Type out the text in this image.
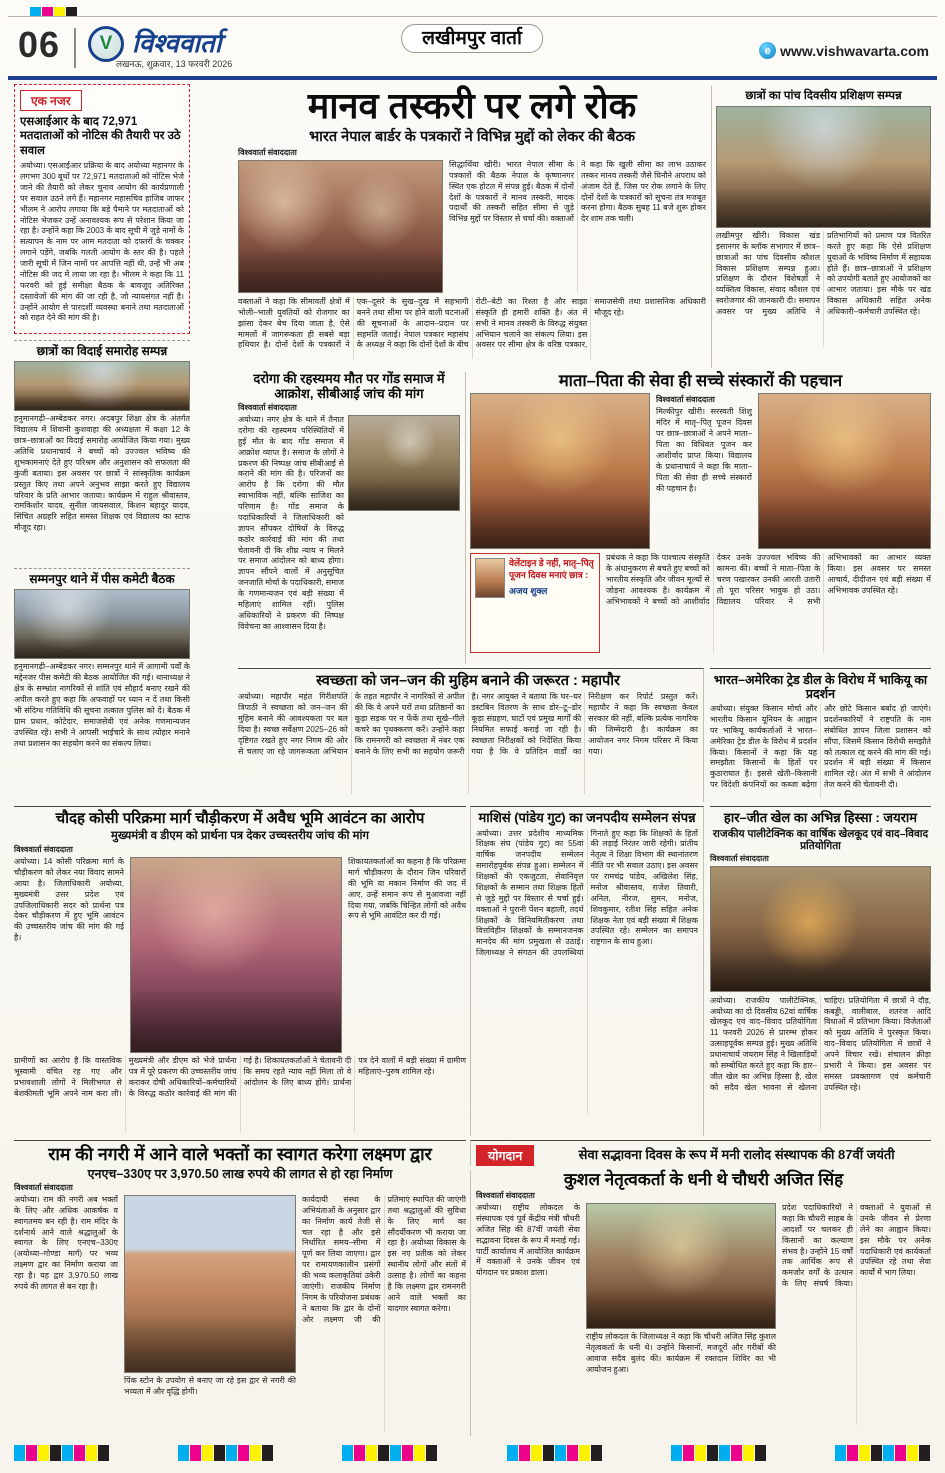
06	V विश्ववार्ता
लखनऊ, शुक्रवार, 13 फरवरी 2026
लखीमपुर वार्ता
e www.vishwavarta.com
एक नजर
एसआईआर के बाद 72,971 मतदाताओं को नोटिस की तैयारी पर उठे सवाल
अयोध्या। एसआईआर प्रक्रिया के बाद अयोध्या महानगर के लगभग 300 बूथों पर 72,971 मतदाताओं को नोटिस भेजे जाने की तैयारी को लेकर चुनाव आयोग की कार्यप्रणाली पर सवाल उठने लगे हैं। महानगर महासचिव हाजिब जाफर भीलम ने आरोप लगाया कि बड़े पैमाने पर मतदाताओं को नोटिस भेजकर उन्हें अनावश्यक रूप से परेशान किया जा रहा है। उन्होंने कहा कि 2003 के बाद सूची में जुड़े नामों के सत्यापन के नाम पर आम मतदाता को दफ्तरों के चक्कर लगाने पड़ेंगे, जबकि गलती आयोग के स्तर की है। पहले जारी सूची में जिन नामों पर आपत्ति नहीं थी, उन्हें भी अब नोटिस की जद में लाया जा रहा है। भीलम ने कहा कि 11 फरवरी को हुई समीक्षा बैठक के बावजूद अतिरिक्त दस्तावेजों की मांग की जा रही है, जो न्यायसंगत नहीं है। उन्होंने आयोग से पारदर्शी व्यवस्था बनाने तथा मतदाताओं को राहत देने की मांग की है।
छात्रों का विदाई समारोह सम्पन्न
हनुमानगढ़ी–अम्बेडकर नगर। अदबपुर शिक्षा क्षेत्र के अंतर्गत विद्यालय में शिवानी कुशवाहा की अध्यक्षता में कक्षा 12 के छात्र–छात्राओं का विदाई समारोह आयोजित किया गया। मुख्य अतिथि प्रधानाचार्य ने बच्चों को उज्ज्वल भविष्य की शुभकामनाएं देते हुए परिश्रम और अनुशासन को सफलता की कुंजी बताया। इस अवसर पर छात्रों ने सांस्कृतिक कार्यक्रम प्रस्तुत किए तथा अपने अनुभव साझा करते हुए विद्यालय परिवार के प्रति आभार जताया। कार्यक्रम में राहुल श्रीवास्तव, रामकिशोर यादव, सुनील जायसवाल, किशन बहादुर यादव, सिंचित अग्रहरि सहित समस्त शिक्षक एवं विद्यालय का स्टाफ मौजूद रहा।
सम्मनपुर थाने में पीस कमेटी बैठक
हनुमानगढ़ी–अम्बेडकर नगर। सम्मनपुर थाने में आगामी पर्वों के मद्देनजर पीस कमेटी की बैठक आयोजित की गई। थानाध्यक्ष ने क्षेत्र के सम्भ्रांत नागरिकों से शांति एवं सौहार्द बनाए रखने की अपील करते हुए कहा कि अफवाहों पर ध्यान न दें तथा किसी भी संदिग्ध गतिविधि की सूचना तत्काल पुलिस को दें। बैठक में ग्राम प्रधान, कोटेदार, समाजसेवी एवं अनेक गणमान्यजन उपस्थित रहे। सभी ने आपसी भाईचारे के साथ त्योहार मनाने तथा प्रशासन का सहयोग करने का संकल्प लिया।
मानव तस्करी पर लगे रोक
भारत नेपाल बार्डर के पत्रकारों ने विभिन्न मुद्दों को लेकर की बैठक
विश्ववार्ता संवाददाता
सिद्धार्थिया खीरी। भारत नेपाल सीमा के पत्रकारों की बैठक नेपाल के कृष्णानगर स्थित एक होटल में संपन्न हुई। बैठक में दोनों देशों के पत्रकारों ने मानव तस्करी, मादक पदार्थों की तस्करी सहित सीमा से जुड़े विभिन्न मुद्दों पर विस्तार से चर्चा की। वक्ताओं ने कहा कि खुली सीमा का लाभ उठाकर तस्कर मानव तस्करी जैसे घिनौने अपराध को अंजाम देते हैं, जिस पर रोक लगाने के लिए दोनों देशों के पत्रकारों को सूचना तंत्र मजबूत करना होगा। बैठक सुबह 11 बजे शुरू होकर देर शाम तक चली।
वक्ताओं ने कहा कि सीमावर्ती क्षेत्रों में भोली–भाली युवतियों को रोजगार का झांसा देकर बेच दिया जाता है, ऐसे मामलों में जागरूकता ही सबसे बड़ा हथियार है। दोनों देशों के पत्रकारों ने एक–दूसरे के सुख–दुख में सहभागी बनने तथा सीमा पर होने वाली घटनाओं की सूचनाओं के आदान–प्रदान पर सहमति जताई। नेपाल पत्रकार महासंघ के अध्यक्ष ने कहा कि दोनों देशों के बीच रोटी–बेटी का रिश्ता है और साझा संस्कृति ही हमारी शक्ति है। अंत में सभी ने मानव तस्करी के विरुद्ध संयुक्त अभियान चलाने का संकल्प लिया। इस अवसर पर सीमा क्षेत्र के वरिष्ठ पत्रकार, समाजसेवी तथा प्रशासनिक अधिकारी मौजूद रहे।
छात्रों का पांच दिवसीय प्रशिक्षण सम्पन्न
लखीमपुर खीरी। विकास खंड इसानगर के ब्लॉक सभागार में छात्र–छात्राओं का पांच दिवसीय कौशल विकास प्रशिक्षण सम्पन्न हुआ। प्रशिक्षण के दौरान विशेषज्ञों ने व्यक्तित्व विकास, संवाद कौशल एवं स्वरोजगार की जानकारी दी। समापन अवसर पर मुख्य अतिथि ने प्रतिभागियों को प्रमाण पत्र वितरित करते हुए कहा कि ऐसे प्रशिक्षण युवाओं के भविष्य निर्माण में सहायक होते हैं। छात्र–छात्राओं ने प्रशिक्षण को उपयोगी बताते हुए आयोजकों का आभार जताया। इस मौके पर खंड विकास अधिकारी सहित अनेक अधिकारी–कर्मचारी उपस्थित रहे।
दरोगा की रहस्यमय मौत पर गोंड समाज में आक्रोश, सीबीआई जांच की मांग
विश्ववार्ता संवाददाता
अयोध्या। नगर क्षेत्र के थाने में तैनात दरोगा की रहस्यमय परिस्थितियों में हुई मौत के बाद गोंड समाज में आक्रोश व्याप्त है। समाज के लोगों ने प्रकरण की निष्पक्ष जांच सीबीआई से कराने की मांग की है। परिजनों का आरोप है कि दरोगा की मौत स्वाभाविक नहीं, बल्कि साजिश का परिणाम है। गोंड समाज के पदाधिकारियों ने जिलाधिकारी को ज्ञापन सौंपकर दोषियों के विरुद्ध कठोर कार्रवाई की मांग की तथा चेतावनी दी कि शीघ्र न्याय न मिलने पर समाज आंदोलन को बाध्य होगा। ज्ञापन सौंपने वालों में अनुसूचित जनजाति मोर्चा के पदाधिकारी, समाज के गणमान्यजन एवं बड़ी संख्या में महिलाएं शामिल रहीं। पुलिस अधिकारियों ने प्रकरण की निष्पक्ष विवेचना का आश्वासन दिया है।
माता–पिता की सेवा ही सच्चे संस्कारों की पहचान
विश्ववार्ता संवाददाता
मिल्कीपुर खीरी। सरस्वती शिशु मंदिर में मातृ–पितृ पूजन दिवस पर छात्र–छात्राओं ने अपने माता–पिता का विधिवत पूजन कर आशीर्वाद प्राप्त किया। विद्यालय के प्रधानाचार्य ने कहा कि माता–पिता की सेवा ही सच्चे संस्कारों की पहचान है।
वेलेंटाइन डे नहीं, मातृ–पितृ पूजन दिवस मनाएं छात्र :
अजय शुक्ल
प्रबंधक ने कहा कि पाश्चात्य संस्कृति के अंधानुकरण से बचते हुए बच्चों को भारतीय संस्कृति और जीवन मूल्यों से जोड़ना आवश्यक है। कार्यक्रम में अभिभावकों ने बच्चों को आशीर्वाद देकर उनके उज्ज्वल भविष्य की कामना की। बच्चों ने माता–पिता के चरण पखारकर उनकी आरती उतारी तो पूरा परिसर भावुक हो उठा। विद्यालय परिवार ने सभी अभिभावकों का आभार व्यक्त किया। इस अवसर पर समस्त आचार्य, दीदीजन एवं बड़ी संख्या में अभिभावक उपस्थित रहे।
स्वच्छता को जन–जन की मुहिम बनाने की जरूरत : महापौर
अयोध्या। महापौर महंत गिरीशपति त्रिपाठी ने स्वच्छता को जन–जन की मुहिम बनाने की आवश्यकता पर बल दिया है। स्वच्छ सर्वेक्षण 2025–26 को दृष्टिगत रखते हुए नगर निगम की ओर से चलाए जा रहे जागरूकता अभियान के तहत महापौर ने नागरिकों से अपील की कि वे अपने घरों तथा प्रतिष्ठानों का कूड़ा सड़क पर न फेंकें तथा सूखे–गीले कचरे का पृथक्करण करें। उन्होंने कहा कि रामनगरी को स्वच्छता में नंबर एक बनाने के लिए सभी का सहयोग जरूरी है। नगर आयुक्त ने बताया कि घर–घर डस्टबिन वितरण के साथ डोर–टू–डोर कूड़ा संग्रहण, घाटों एवं प्रमुख मार्गों की नियमित सफाई कराई जा रही है। स्वच्छता निरीक्षकों को निर्देशित किया गया है कि वे प्रतिदिन वार्डों का निरीक्षण कर रिपोर्ट प्रस्तुत करें। महापौर ने कहा कि स्वच्छता केवल सरकार की नहीं, बल्कि प्रत्येक नागरिक की जिम्मेदारी है। कार्यक्रम का आयोजन नगर निगम परिसर में किया गया।
भारत–अमेरिका ट्रेड डील के विरोध में भाकियू का प्रदर्शन
अयोध्या। संयुक्त किसान मोर्चा और भारतीय किसान यूनियन के आह्वान पर भाकियू कार्यकर्ताओं ने भारत–अमेरिका ट्रेड डील के विरोध में प्रदर्शन किया। किसानों ने कहा कि यह समझौता किसानों के हितों पर कुठाराघात है। इससे खेती–किसानी पर विदेशी कंपनियों का कब्जा बढ़ेगा और छोटे किसान बर्बाद हो जाएंगे। प्रदर्शनकारियों ने राष्ट्रपति के नाम संबोधित ज्ञापन जिला प्रशासन को सौंपा, जिसमें किसान विरोधी समझौते को तत्काल रद्द करने की मांग की गई। प्रदर्शन में बड़ी संख्या में किसान शामिल रहे। अंत में सभी ने आंदोलन तेज करने की चेतावनी दी।
चौदह कोसी परिक्रमा मार्ग चौड़ीकरण में अवैध भूमि आवंटन का आरोप
मुख्यमंत्री व डीएम को प्रार्थना पत्र देकर उच्चस्तरीय जांच की मांग
विश्ववार्ता संवाददाता
अयोध्या। 14 कोसी परिक्रमा मार्ग के चौड़ीकरण को लेकर नया विवाद सामने आया है। जिलाधिकारी अयोध्या, मुख्यमंत्री उत्तर प्रदेश एवं उपजिलाधिकारी सदर को प्रार्थना पत्र देकर चौड़ीकरण में हुए भूमि आवंटन की उच्चस्तरीय जांच की मांग की गई है।
शिकायतकर्ताओं का कहना है कि परिक्रमा मार्ग चौड़ीकरण के दौरान जिन परिवारों की भूमि या मकान निर्माण की जद में आए, उन्हें समान रूप से मुआवजा नहीं दिया गया, जबकि चिन्हित लोगों को अवैध रूप से भूमि आवंटित कर दी गई।
ग्रामीणों का आरोप है कि वास्तविक भूस्वामी वंचित रह गए और प्रभावशाली लोगों ने मिलीभगत से बेशकीमती भूमि अपने नाम करा ली। मुख्यमंत्री और डीएम को भेजे प्रार्थना पत्र में पूरे प्रकरण की उच्चस्तरीय जांच कराकर दोषी अधिकारियों–कर्मचारियों के विरुद्ध कठोर कार्रवाई की मांग की गई है। शिकायतकर्ताओं ने चेतावनी दी कि समय रहते न्याय नहीं मिला तो वे आंदोलन के लिए बाध्य होंगे। प्रार्थना पत्र देने वालों में बड़ी संख्या में ग्रामीण महिलाएं–पुरुष शामिल रहे।
माशिसं (पांडेय गुट) का जनपदीय सम्मेलन संपन्न
अयोध्या। उत्तर प्रदेशीय माध्यमिक शिक्षक संघ (पांडेय गुट) का 55वां वार्षिक जनपदीय सम्मेलन समारोहपूर्वक संपन्न हुआ। सम्मेलन में शिक्षकों की एकजुटता, सेवानिवृत्त शिक्षकों के सम्मान तथा शिक्षक हितों से जुड़े मुद्दों पर विस्तार से चर्चा हुई। वक्ताओं ने पुरानी पेंशन बहाली, तदर्थ शिक्षकों के विनियमितीकरण तथा वित्तविहीन शिक्षकों के सम्मानजनक मानदेय की मांग प्रमुखता से उठाई। जिलाध्यक्ष ने संगठन की उपलब्धियां गिनाते हुए कहा कि शिक्षकों के हितों की लड़ाई निरंतर जारी रहेगी। प्रांतीय नेतृत्व ने शिक्षा विभाग की स्थानांतरण नीति पर भी सवाल उठाए। इस अवसर पर रामचंद्र पांडेय, अखिलेश सिंह, मनोज श्रीवास्तव, राजेश तिवारी, अनिल, नीरज, सुमन, मनोज, शिवकुमार, रतीश सिंह सहित अनेक शिक्षक नेता एवं बड़ी संख्या में शिक्षक उपस्थित रहे। सम्मेलन का समापन राष्ट्रगान के साथ हुआ।
हार–जीत खेल का अभिन्न हिस्सा : जयराम
राजकीय पालीटेक्निक का वार्षिक खेलकूद एवं वाद–विवाद प्रतियोगिता
विश्ववार्ता संवाददाता
अयोध्या। राजकीय पालीटेक्निक, अयोध्या का दो दिवसीय 62वां वार्षिक खेलकूद एवं वाद–विवाद प्रतियोगिता 11 फरवरी 2026 से प्रारम्भ होकर उत्साहपूर्वक सम्पन्न हुई। मुख्य अतिथि प्रधानाचार्य जयराम सिंह ने खिलाड़ियों को सम्बोधित करते हुए कहा कि हार–जीत खेल का अभिन्न हिस्सा है, खेल को सदैव खेल भावना से खेलना चाहिए। प्रतियोगिता में छात्रों ने दौड़, कबड्डी, वालीबाल, शतरंज आदि विधाओं में प्रतिभाग किया। विजेताओं को मुख्य अतिथि ने पुरस्कृत किया। वाद–विवाद प्रतियोगिता में छात्रों ने अपने विचार रखे। संचालन क्रीड़ा प्रभारी ने किया। इस अवसर पर समस्त प्रवक्तागण एवं कर्मचारी उपस्थित रहे।
राम की नगरी में आने वाले भक्तों का स्वागत करेगा लक्ष्मण द्वार
एनएच–330ए पर 3,970.50 लाख रुपये की लागत से हो रहा निर्माण
विश्ववार्ता संवाददाता
अयोध्या। राम की नगरी अब भक्तों के लिए और अधिक आकर्षक व स्वागतमय बन रही है। राम मंदिर के दर्शनार्थ आने वाले श्रद्धालुओं के स्वागत के लिए एनएच–330ए (अयोध्या–गोण्डा मार्ग) पर भव्य लक्ष्मण द्वार का निर्माण कराया जा रहा है। यह द्वार 3,970.50 लाख रुपये की लागत से बन रहा है।
पिंक स्टोन के उपयोग से बनाए जा रहे इस द्वार से नगरी की भव्यता में और वृद्धि होगी।
कार्यदायी संस्था के अभियंताओं के अनुसार द्वार का निर्माण कार्य तेजी से चल रहा है और इसे निर्धारित समय–सीमा में पूर्ण कर लिया जाएगा। द्वार पर रामायणकालीन प्रसंगों की भव्य कलाकृतियां उकेरी जाएंगी। राजकीय निर्माण निगम के परियोजना प्रबंधक ने बताया कि द्वार के दोनों ओर लक्ष्मण जी की प्रतिमाएं स्थापित की जाएंगी तथा श्रद्धालुओं की सुविधा के लिए मार्ग का सौंदर्यीकरण भी कराया जा रहा है। अयोध्या विकास के इस नए प्रतीक को लेकर स्थानीय लोगों और संतों में उत्साह है। लोगों का कहना है कि लक्ष्मण द्वार रामनगरी आने वाले भक्तों का यादगार स्वागत करेगा।
योगदान	सेवा सद्भावना दिवस के रूप में मनी रालोद संस्थापक की 87वीं जयंती
कुशल नेतृत्वकर्ता के धनी थे चौधरी अजित सिंह
विश्ववार्ता संवाददाता
अयोध्या। राष्ट्रीय लोकदल के संस्थापक एवं पूर्व केंद्रीय मंत्री चौधरी अजित सिंह की 87वीं जयंती सेवा सद्भावना दिवस के रूप में मनाई गई। पार्टी कार्यालय में आयोजित कार्यक्रम में वक्ताओं ने उनके जीवन एवं योगदान पर प्रकाश डाला।
राष्ट्रीय लोकदल के जिलाध्यक्ष ने कहा कि चौधरी अजित सिंह कुशल नेतृत्वकर्ता के धनी थे। उन्होंने किसानों, मजदूरों और गरीबों की आवाज सदैव बुलंद की। कार्यक्रम में रक्तदान शिविर का भी आयोजन हुआ।
प्रदेश पदाधिकारियों ने कहा कि चौधरी साहब के आदर्शों पर चलकर ही किसानों का कल्याण संभव है। उन्होंने 15 वर्षों तक आर्थिक रूप से कमजोर वर्गों के उत्थान के लिए संघर्ष किया। वक्ताओं ने युवाओं से उनके जीवन से प्रेरणा लेने का आह्वान किया। इस मौके पर अनेक पदाधिकारी एवं कार्यकर्ता उपस्थित रहे तथा सेवा कार्यों में भाग लिया।
